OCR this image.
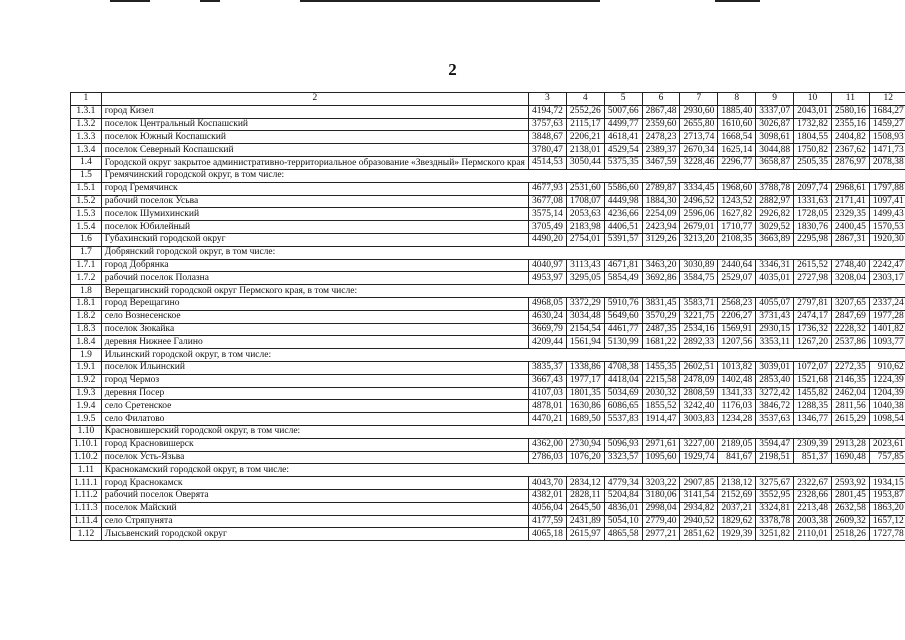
2
1	2	3	4	5	6	7	8	9	10	11	12
1.3.1	город Кизел	4194,72	2552,26	5007,66	2867,48	2930,60	1885,40	3337,07	2043,01	2580,16	1684,27
1.3.2	поселок Центральный Коспашский	3757,63	2115,17	4499,77	2359,60	2655,80	1610,60	3026,87	1732,82	2355,16	1459,27
1.3.3	поселок Южный Коспашский	3848,67	2206,21	4618,41	2478,23	2713,74	1668,54	3098,61	1804,55	2404,82	1508,93
1.3.4	поселок Северный Коспашский	3780,47	2138,01	4529,54	2389,37	2670,34	1625,14	3044,88	1750,82	2367,62	1471,73
1.4	Городской округ закрытое административно-территориальное образование «Звездный» Пермского края	4514,53	3050,44	5375,35	3467,59	3228,46	2296,77	3658,87	2505,35	2876,97	2078,38
1.5	Гремячинский городской округ, в том числе:										
1.5.1	город Гремячинск	4677,93	2531,60	5586,60	2789,87	3334,45	1968,60	3788,78	2097,74	2968,61	1797,88
1.5.2	рабочий поселок Усьва	3677,08	1708,07	4449,98	1884,30	2496,52	1243,52	2882,97	1331,63	2171,41	1097,41
1.5.3	поселок Шумихинский	3575,14	2053,63	4236,66	2254,09	2596,06	1627,82	2926,82	1728,05	2329,35	1499,43
1.5.4	поселок Юбилейный	3705,49	2183,98	4406,51	2423,94	2679,01	1710,77	3029,52	1830,76	2400,45	1570,53
1.6	Губахинский городской округ	4490,20	2754,01	5391,57	3129,26	3213,20	2108,35	3663,89	2295,98	2867,31	1920,30
1.7	Добрянский городской округ, в том числе:										
1.7.1	город Добрянка	4040,97	3113,43	4671,81	3463,20	3030,89	2440,64	3346,31	2615,52	2748,40	2242,47
1.7.2	рабочий поселок Полазна	4953,97	3295,05	5854,49	3692,86	3584,75	2529,07	4035,01	2727,98	3208,04	2303,17
1.8	Верещагинский городской округ Пермского края, в том числе:										
1.8.1	город Верещагино	4968,05	3372,29	5910,76	3831,45	3583,71	2568,23	4055,07	2797,81	3207,65	2337,24
1.8.2	село Вознесенское	4630,24	3034,48	5649,60	3570,29	3221,75	2206,27	3731,43	2474,17	2847,69	1977,28
1.8.3	поселок Зюкайка	3669,79	2154,54	4461,77	2487,35	2534,16	1569,91	2930,15	1736,32	2228,32	1401,82
1.8.4	деревня Нижнее Галино	4209,44	1561,94	5130,99	1681,22	2892,33	1207,56	3353,11	1267,20	2537,86	1093,77
1.9	Ильинский городской округ, в том числе:										
1.9.1	поселок Ильинский	3835,37	1338,86	4708,38	1455,35	2602,51	1013,82	3039,01	1072,07	2272,35	910,62
1.9.2	город Чермоз	3667,43	1977,17	4418,04	2215,58	2478,09	1402,48	2853,40	1521,68	2146,35	1224,39
1.9.3	деревня Посер	4107,03	1801,35	5034,69	2030,32	2808,59	1341,33	3272,42	1455,82	2462,04	1204,39
1.9.4	село Сретенское	4878,01	1630,86	6086,65	1855,52	3242,40	1176,03	3846,72	1288,35	2811,56	1040,38
1.9.5	село Филатово	4470,21	1689,50	5537,83	1914,47	3003,83	1234,28	3537,63	1346,77	2615,29	1098,54
1.10	Красновишерский городской округ, в том числе:										
1.10.1	город Красновишерск	4362,00	2730,94	5096,93	2971,61	3227,00	2189,05	3594,47	2309,39	2913,28	2023,61
1.10.2	поселок Усть-Язьва	2786,03	1076,20	3323,57	1095,60	1929,74	841,67	2198,51	851,37	1690,48	757,85
1.11	Краснокамский городской округ, в том числе:										
1.11.1	город Краснокамск	4043,70	2834,12	4779,34	3203,22	2907,85	2138,12	3275,67	2322,67	2593,92	1934,15
1.11.2	рабочий поселок Оверята	4382,01	2828,11	5204,84	3180,06	3141,54	2152,69	3552,95	2328,66	2801,45	1953,87
1.11.3	поселок Майский	4056,04	2645,50	4836,01	2998,04	2934,82	2037,21	3324,81	2213,48	2632,58	1863,20
1.11.4	село Стряпунята	4177,59	2431,89	5054,10	2779,40	2940,52	1829,62	3378,78	2003,38	2609,32	1657,12
1.12	Лысьвенский городской округ	4065,18	2615,97	4865,58	2977,21	2851,62	1929,39	3251,82	2110,01	2518,26	1727,78
